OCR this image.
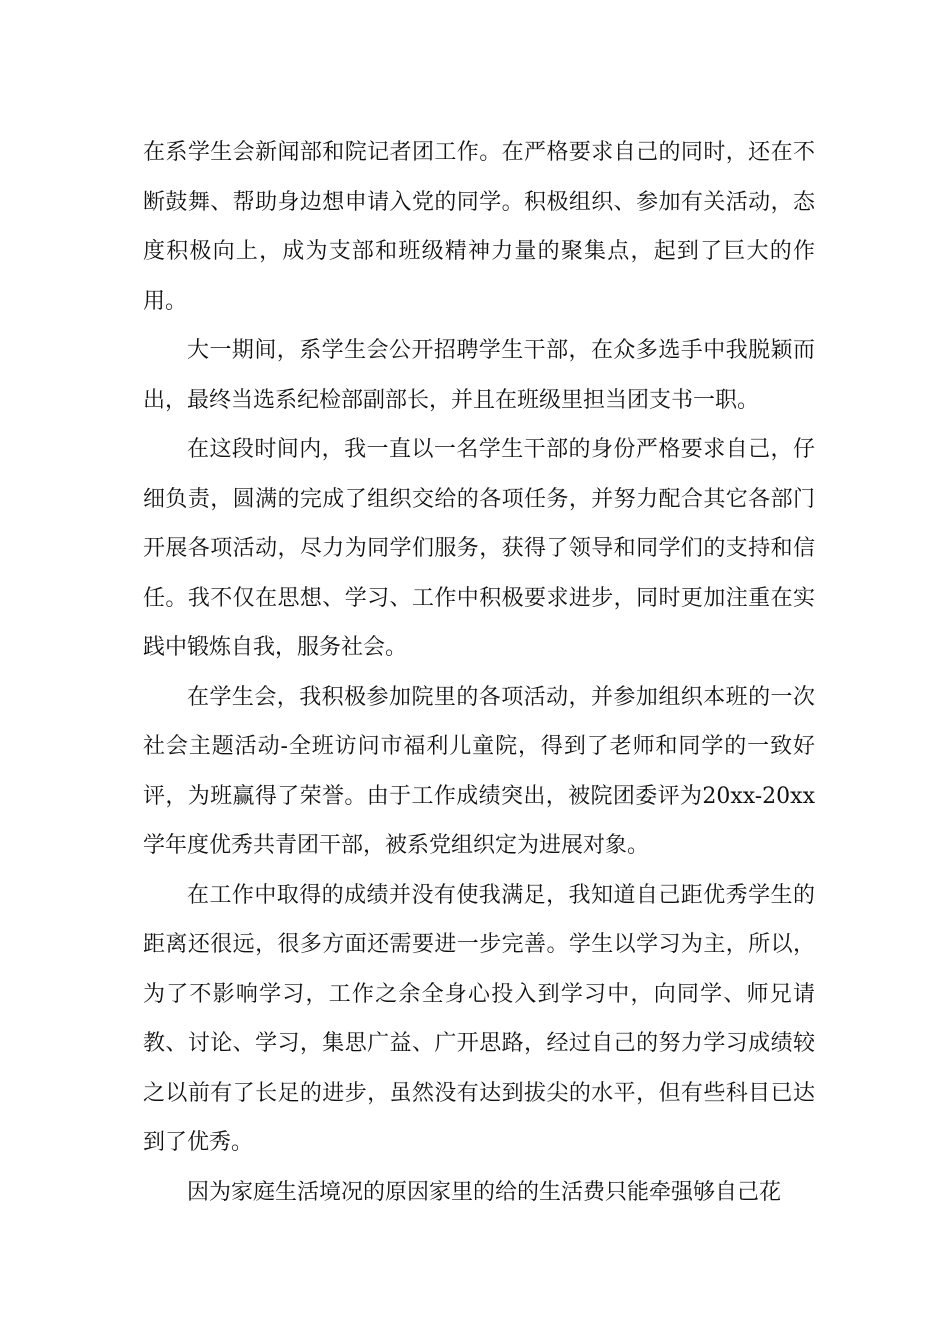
在系学生会新闻部和院记者团工作。在严格要求自己的同时，还在不断鼓舞、帮助身边想申请入党的同学。积极组织、参加有关活动，态度积极向上，成为支部和班级精神力量的聚集点，起到了巨大的作用。

大一期间，系学生会公开招聘学生干部，在众多选手中我脱颖而出，最终当选系纪检部副部长，并且在班级里担当团支书一职。

在这段时间内，我一直以一名学生干部的身份严格要求自己，仔细负责，圆满的完成了组织交给的各项任务，并努力配合其它各部门开展各项活动，尽力为同学们服务，获得了领导和同学们的支持和信任。我不仅在思想、学习、工作中积极要求进步，同时更加注重在实践中锻炼自我，服务社会。

在学生会，我积极参加院里的各项活动，并参加组织本班的一次社会主题活动-全班访问市福利儿童院，得到了老师和同学的一致好评，为班赢得了荣誉。由于工作成绩突出，被院团委评为20xx-20xx学年度优秀共青团干部，被系党组织定为进展对象。

在工作中取得的成绩并没有使我满足，我知道自己距优秀学生的距离还很远，很多方面还需要进一步完善。学生以学习为主，所以，为了不影响学习，工作之余全身心投入到学习中，向同学、师兄请教、讨论、学习，集思广益、广开思路，经过自己的努力学习成绩较之以前有了长足的进步，虽然没有达到拔尖的水平，但有些科目已达到了优秀。

因为家庭生活境况的原因家里的给的生活费只能牵强够自己花
